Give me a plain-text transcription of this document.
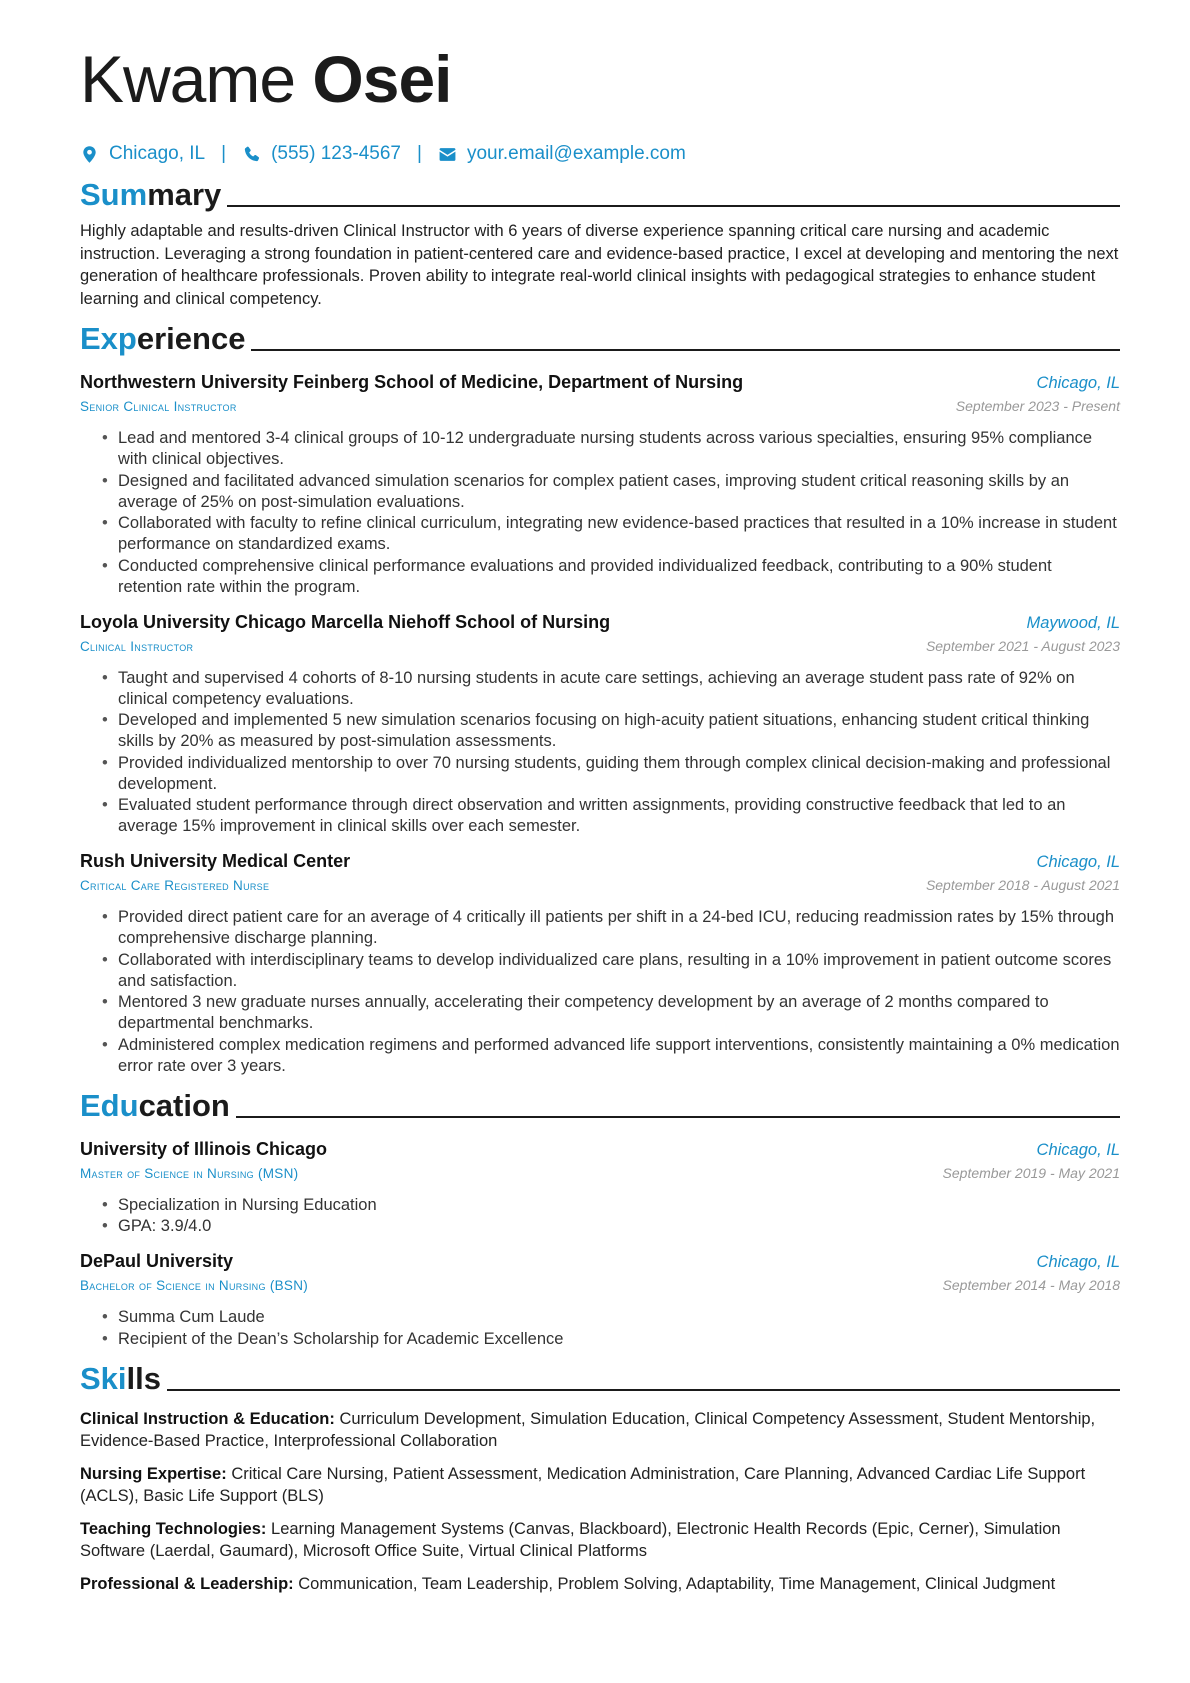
Kwame Osei
Chicago, IL | (555) 123-4567 | your.email@example.com
Summary

Highly adaptable and results-driven Clinical Instructor with 6 years of diverse experience spanning critical care nursing and academic instruction. Leveraging a strong foundation in patient-centered care and evidence-based practice, I excel at developing and mentoring the next generation of healthcare professionals. Proven ability to integrate real-world clinical insights with pedagogical strategies to enhance student learning and clinical competency.

Experience
Northwestern University Feinberg School of Medicine, Department of Nursing	Chicago, IL
Senior Clinical Instructor	September 2023 - Present
• Lead and mentored 3-4 clinical groups of 10-12 undergraduate nursing students across various specialties, ensuring 95% compliance with clinical objectives.
• Designed and facilitated advanced simulation scenarios for complex patient cases, improving student critical reasoning skills by an average of 25% on post-simulation evaluations.
• Collaborated with faculty to refine clinical curriculum, integrating new evidence-based practices that resulted in a 10% increase in student performance on standardized exams.
• Conducted comprehensive clinical performance evaluations and provided individualized feedback, contributing to a 90% student retention rate within the program.
Loyola University Chicago Marcella Niehoff School of Nursing	Maywood, IL
Clinical Instructor	September 2021 - August 2023
• Taught and supervised 4 cohorts of 8-10 nursing students in acute care settings, achieving an average student pass rate of 92% on clinical competency evaluations.
• Developed and implemented 5 new simulation scenarios focusing on high-acuity patient situations, enhancing student critical thinking skills by 20% as measured by post-simulation assessments.
• Provided individualized mentorship to over 70 nursing students, guiding them through complex clinical decision-making and professional development.
• Evaluated student performance through direct observation and written assignments, providing constructive feedback that led to an average 15% improvement in clinical skills over each semester.
Rush University Medical Center	Chicago, IL
Critical Care Registered Nurse	September 2018 - August 2021
• Provided direct patient care for an average of 4 critically ill patients per shift in a 24-bed ICU, reducing readmission rates by 15% through comprehensive discharge planning.
• Collaborated with interdisciplinary teams to develop individualized care plans, resulting in a 10% improvement in patient outcome scores and satisfaction.
• Mentored 3 new graduate nurses annually, accelerating their competency development by an average of 2 months compared to departmental benchmarks.
• Administered complex medication regimens and performed advanced life support interventions, consistently maintaining a 0% medication error rate over 3 years.
Education
University of Illinois Chicago	Chicago, IL
Master of Science in Nursing (MSN)	September 2019 - May 2021
• Specialization in Nursing Education
• GPA: 3.9/4.0
DePaul University	Chicago, IL
Bachelor of Science in Nursing (BSN)	September 2014 - May 2018
• Summa Cum Laude
• Recipient of the Dean’s Scholarship for Academic Excellence
Skills

Clinical Instruction & Education: Curriculum Development, Simulation Education, Clinical Competency Assessment, Student Mentorship, Evidence-Based Practice, Interprofessional Collaboration

Nursing Expertise: Critical Care Nursing, Patient Assessment, Medication Administration, Care Planning, Advanced Cardiac Life Support (ACLS), Basic Life Support (BLS)

Teaching Technologies: Learning Management Systems (Canvas, Blackboard), Electronic Health Records (Epic, Cerner), Simulation Software (Laerdal, Gaumard), Microsoft Office Suite, Virtual Clinical Platforms

Professional & Leadership: Communication, Team Leadership, Problem Solving, Adaptability, Time Management, Clinical Judgment
